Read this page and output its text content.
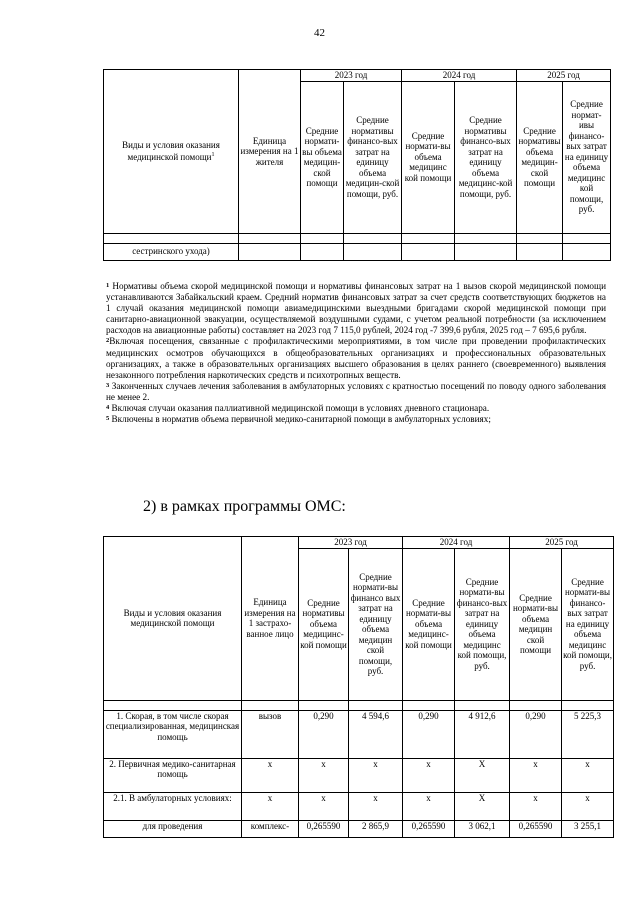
42
Виды и условия оказания медицинской помощи$^1$	Единица измерения на 1 жителя	2023 год		2024 год		2025 год	
		Средние нормати-вы объема медицин-ской помощи	Средние нормативы финансо-вых затрат на единицу объема медицин-ской помощи, руб.	Средние нормати-вы объема медицинс кой помощи	Средние нормативы финансо-вых затрат на единицу объема медицинс-кой помощи, руб.	Средние нормативы объема медицин-ской помощи	Средние нормат-ивы финансо-вых затрат на единицу объема медицинс кой помощи, руб.

сестринского ухода)							
$^1$ Нормативы объема скорой медицинской помощи и нормативы финансовых затрат на 1 вызов скорой медицинской помощи устанавливаются Забайкальский краем. Средний норматив финансовых затрат за счет средств соответствующих бюджетов на 1 случай оказания медицинской помощи авиамедицинскими выездными бригадами скорой медицинской помощи при санитарно-авиационной эвакуации, осуществляемой воздушными судами, с учетом реальной потребности (за исключением расходов на авиационные работы) составляет на 2023 год 7 115,0 рублей, 2024 год -7 399,6 рубля, 2025 год – 7 695,6 рубля.
$^2$Включая посещения, связанные с профилактическими мероприятиями, в том числе при проведении профилактических медицинских осмотров обучающихся в общеобразовательных организациях и профессиональных образовательных организациях, а также в образовательных организациях высшего образования в целях раннего (своевременного) выявления незаконного потребления наркотических средств и психотропных веществ.
$^3$ Законченных случаев лечения заболевания в амбулаторных условиях с кратностью посещений по поводу одного заболевания не менее 2.
$^4$ Включая случаи оказания паллиативной медицинской помощи в условиях дневного стационара.
$^5$ Включены в норматив объема первичной медико-санитарной помощи в амбулаторных условиях;
2) в рамках программы ОМС:
Виды и условия оказания медицинской помощи	Единица измерения на 1 застрахо-ванное лицо	2023 год		2024 год		2025 год	
		Средние нормативы объема медицинс-кой помощи	Средние нормати-вы финансо вых затрат на единицу объема медицин ской помощи, руб.	Средние нормати-вы объема медицинс-кой помощи	Средние нормати-вы финансо-вых затрат на единицу объема медицинс кой помощи, руб.	Средние нормати-вы объема медицин ской помощи	Средние нормати-вы финансо-вых затрат на единицу объема медицинс кой помощи, руб.

1. Скорая, в том числе скорая специализированная, медицинская помощь	вызов	0,290	4 594,6	0,290	4 912,6	0,290	5 225,3
2. Первичная медико-санитарная помощь	х	х	х	х	Х	х	х
2.1. В амбулаторных условиях:	х	х	х	х	Х	х	х
для проведения	комплекс-	0,265590	2 865,9	0,265590	3 062,1	0,265590	3 255,1
